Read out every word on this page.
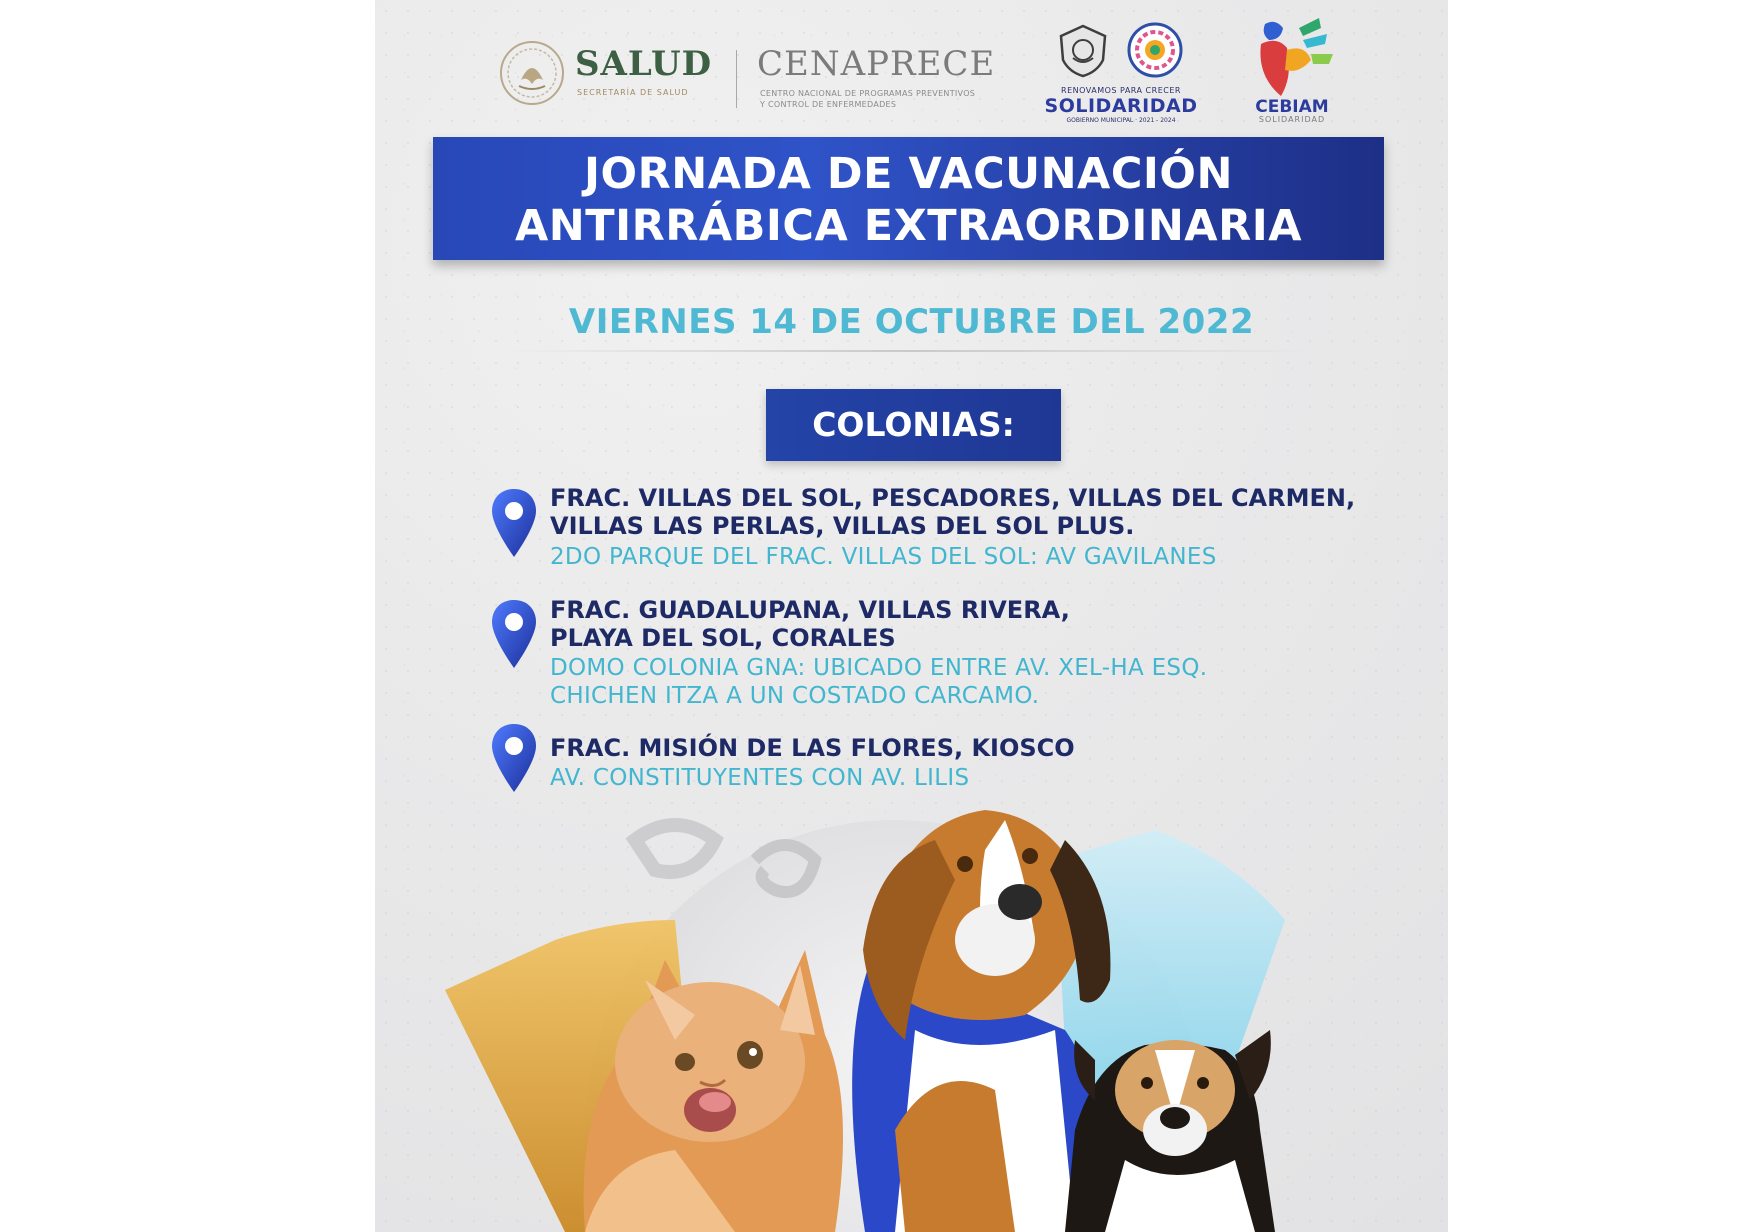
SALUD
SECRETARÍA DE SALUD
CENAPRECE
CENTRO NACIONAL DE PROGRAMAS PREVENTIVOS
Y CONTROL DE ENFERMEDADES
RENOVAMOS PARA CRECER
SOLIDARIDAD
GOBIERNO MUNICIPAL · 2021 - 2024
CEBIAM
SOLIDARIDAD
JORNADA DE VACUNACIÓN
ANTIRRÁBICA EXTRAORDINARIA
VIERNES 14 DE OCTUBRE DEL 2022
COLONIAS:
FRAC. VILLAS DEL SOL, PESCADORES, VILLAS DEL CARMEN,
VILLAS LAS PERLAS, VILLAS DEL SOL PLUS.
2DO PARQUE DEL FRAC. VILLAS DEL SOL: AV GAVILANES
FRAC. GUADALUPANA, VILLAS RIVERA,
PLAYA DEL SOL, CORALES
DOMO COLONIA GNA: UBICADO ENTRE AV. XEL-HA ESQ.
CHICHEN ITZA A UN COSTADO CARCAMO.
FRAC. MISIÓN DE LAS FLORES, KIOSCO
AV. CONSTITUYENTES CON AV. LILIS
